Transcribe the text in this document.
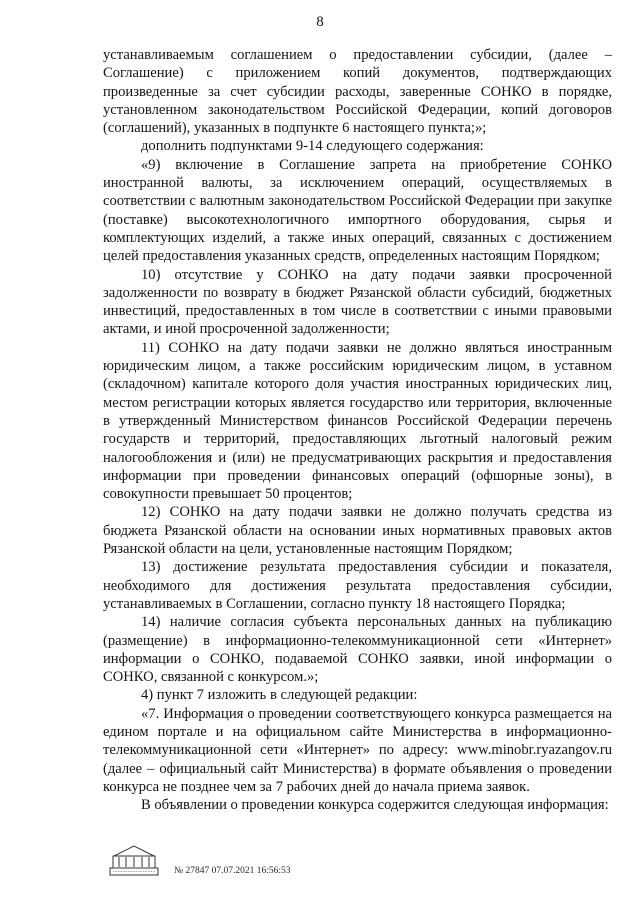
8

устанавливаемым соглашением о предоставлении субсидии, (далее – Соглашение) с приложением копий документов, подтверждающих произведенные за счет субсидии расходы, заверенные СОНКО в порядке, установленном законодательством Российской Федерации, копий договоров (соглашений), указанных в подпункте 6 настоящего пункта;»;

дополнить подпунктами 9-14 следующего содержания:

«9) включение в Соглашение запрета на приобретение СОНКО иностранной валюты, за исключением операций, осуществляемых в соответствии с валютным законодательством Российской Федерации при закупке (поставке) высокотехнологичного импортного оборудования, сырья и комплектующих изделий, а также иных операций, связанных с достижением целей предоставления указанных средств, определенных настоящим Порядком;

10) отсутствие у СОНКО на дату подачи заявки просроченной задолженности по возврату в бюджет Рязанской области субсидий, бюджетных инвестиций, предоставленных в том числе в соответствии с иными правовыми актами, и иной просроченной задолженности;

11) СОНКО на дату подачи заявки не должно являться иностранным юридическим лицом, а также российским юридическим лицом, в уставном (складочном) капитале которого доля участия иностранных юридических лиц, местом регистрации которых является государство или территория, включенные в утвержденный Министерством финансов Российской Федерации перечень государств и территорий, предоставляющих льготный налоговый режим налогообложения и (или) не предусматривающих раскрытия и предоставления информации при проведении финансовых операций (офшорные зоны), в совокупности превышает 50 процентов;

12) СОНКО на дату подачи заявки не должно получать средства из бюджета Рязанской области на основании иных нормативных правовых актов Рязанской области на цели, установленные настоящим Порядком;

13) достижение результата предоставления субсидии и показателя, необходимого для достижения результата предоставления субсидии, устанавливаемых в Соглашении, согласно пункту 18 настоящего Порядка;

14) наличие согласия субъекта персональных данных на публикацию (размещение) в информационно-телекоммуникационной сети «Интернет» информации о СОНКО, подаваемой СОНКО заявки, иной информации о СОНКО, связанной с конкурсом.»;

4) пункт 7 изложить в следующей редакции:

«7. Информация о проведении соответствующего конкурса размещается на едином портале и на официальном сайте Министерства в информационно-телекоммуникационной сети «Интернет» по адресу: www.minobr.ryazangov.ru (далее – официальный сайт Министерства) в формате объявления о проведении конкурса не позднее чем за 7 рабочих дней до начала приема заявок.

В объявлении о проведении конкурса содержится следующая информация:

№ 27847 07.07.2021 16:56:53
